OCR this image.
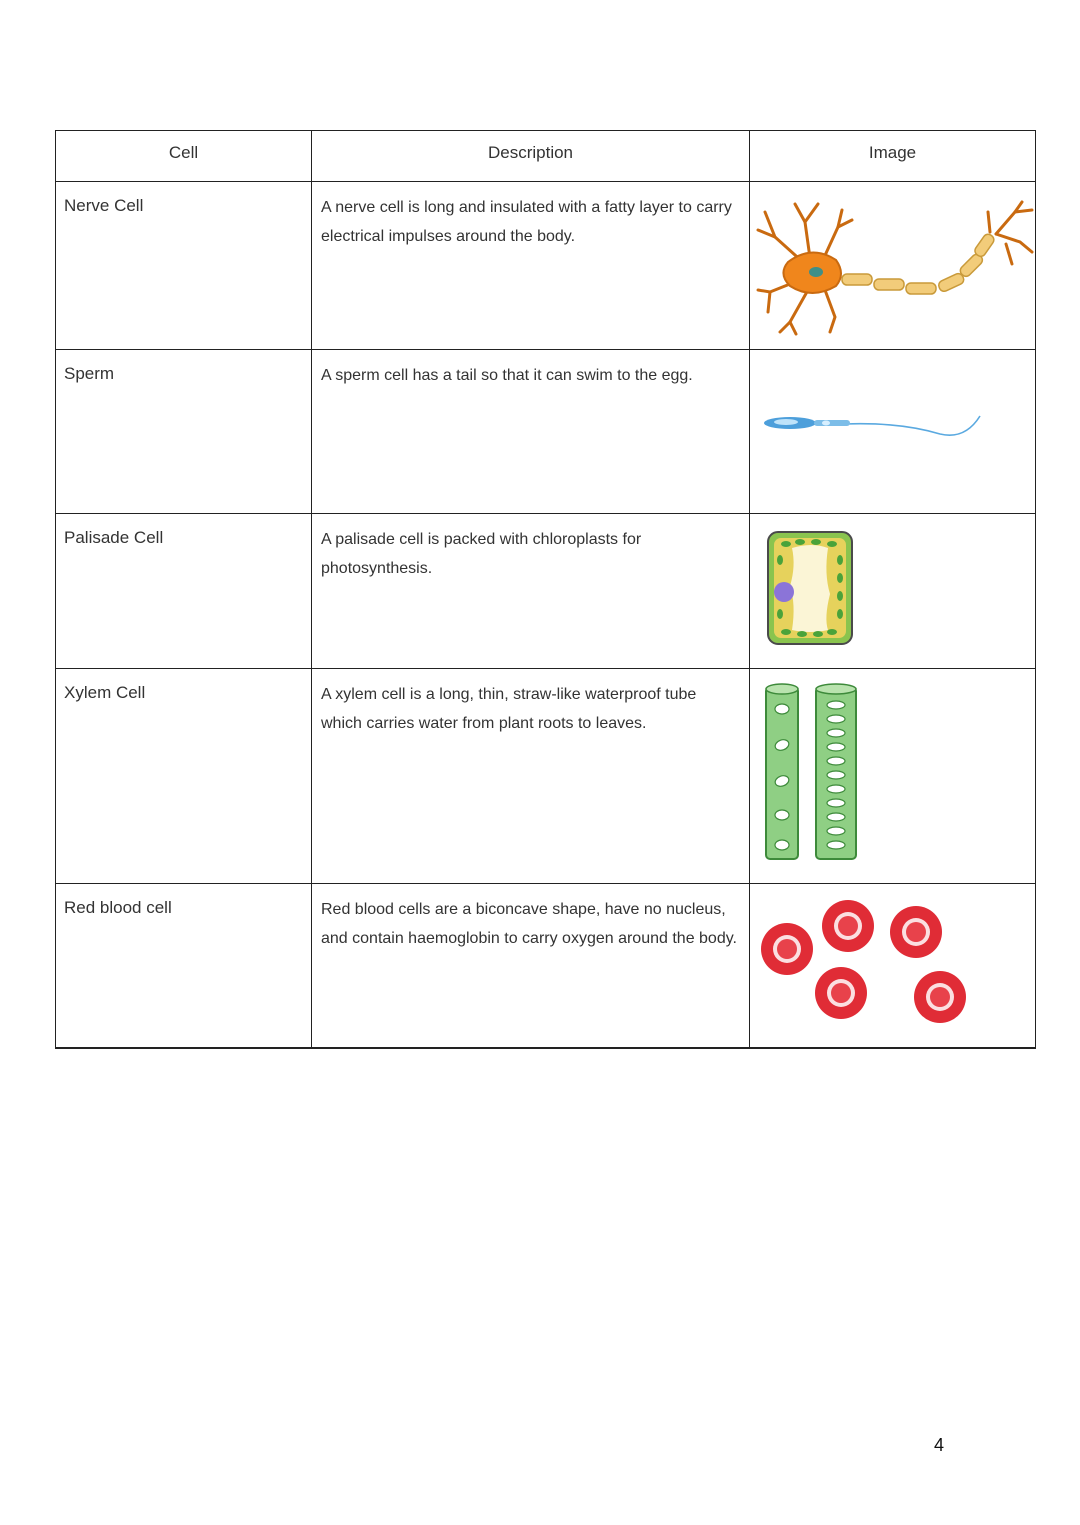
Cell	Description	Image
Nerve Cell	A nerve cell is long and insulated with a fatty layer to carry electrical impulses around the body.
Sperm	A sperm cell has a tail so that it can swim to the egg.
Palisade Cell	A palisade cell is packed with chloroplasts for photosynthesis.
Xylem Cell	A xylem cell is a long, thin, straw-like waterproof tube which carries water from plant roots to leaves.
Red blood cell	Red blood cells are a biconcave shape, have no nucleus, and contain haemoglobin to carry oxygen around the body.
4
